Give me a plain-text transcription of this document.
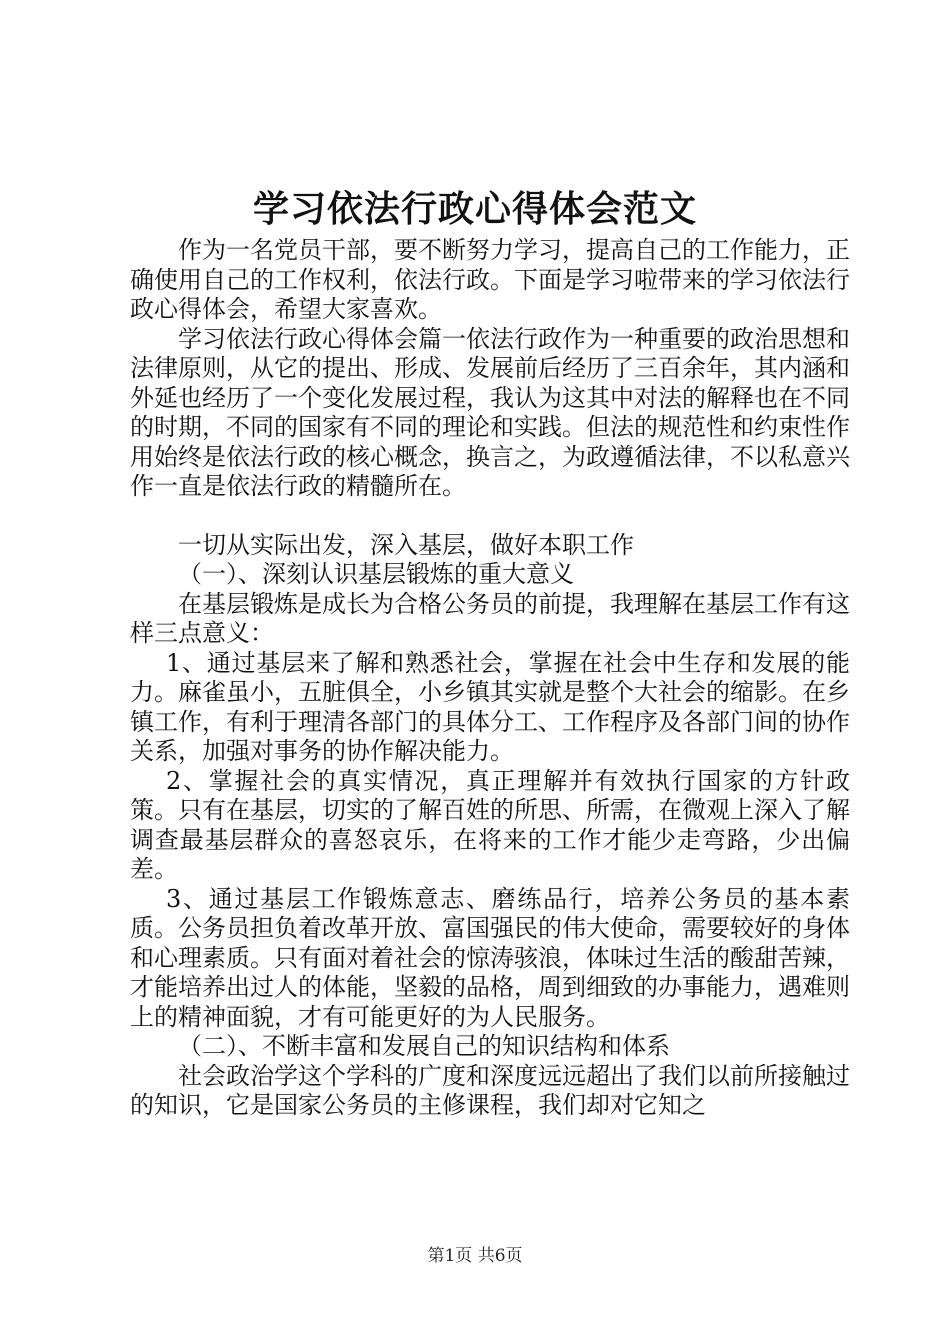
学习依法行政心得体会范文

作为一名党员干部，要不断努力学习，提高自己的工作能力，正确使用自己的工作权利，依法行政。下面是学习啦带来的学习依法行政心得体会，希望大家喜欢。

学习依法行政心得体会篇一依法行政作为一种重要的政治思想和法律原则，从它的提出、形成、发展前后经历了三百余年，其内涵和外延也经历了一个变化发展过程，我认为这其中对法的解释也在不同的时期，不同的国家有不同的理论和实践。但法的规范性和约束性作用始终是依法行政的核心概念，换言之，为政遵循法律，不以私意兴作一直是依法行政的精髓所在。

一切从实际出发，深入基层，做好本职工作

（一）、深刻认识基层锻炼的重大意义

在基层锻炼是成长为合格公务员的前提，我理解在基层工作有这样三点意义：

1、通过基层来了解和熟悉社会，掌握在社会中生存和发展的能力。麻雀虽小，五脏俱全，小乡镇其实就是整个大社会的缩影。在乡镇工作，有利于理清各部门的具体分工、工作程序及各部门间的协作关系，加强对事务的协作解决能力。

2、掌握社会的真实情况，真正理解并有效执行国家的方针政策。只有在基层，切实的了解百姓的所思、所需，在微观上深入了解调查最基层群众的喜怒哀乐，在将来的工作才能少走弯路，少出偏差。

3、通过基层工作锻炼意志、磨练品行，培养公务员的基本素质。公务员担负着改革开放、富国强民的伟大使命，需要较好的身体和心理素质。只有面对着社会的惊涛骇浪，体味过生活的酸甜苦辣，才能培养出过人的体能，坚毅的品格，周到细致的办事能力，遇难则上的精神面貌，才有可能更好的为人民服务。

（二）、不断丰富和发展自己的知识结构和体系

社会政治学这个学科的广度和深度远远超出了我们以前所接触过的知识，它是国家公务员的主修课程，我们却对它知之

第1页 共6页
